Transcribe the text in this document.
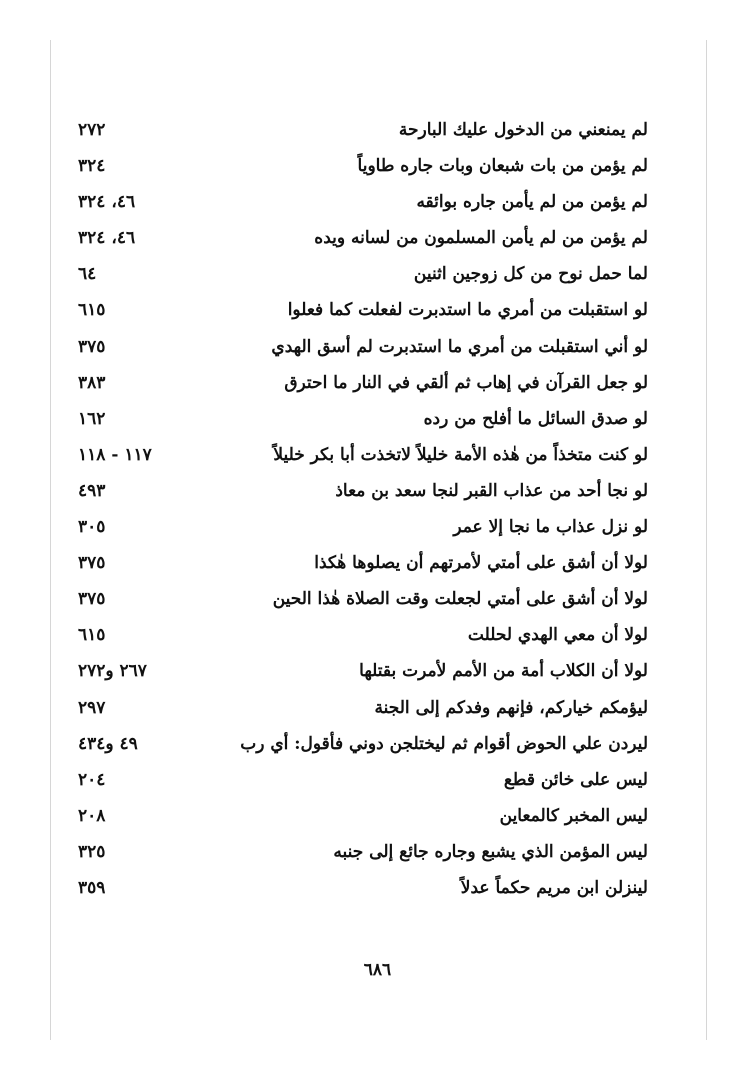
لم يمنعني من الدخول عليك البارحة
٢٧٢
لم يؤمن من بات شبعان وبات جاره طاوياً
٣٢٤
لم يؤمن من لم يأمن جاره بوائقه
٤٦، ٣٢٤
لم يؤمن من لم يأمن المسلمون من لسانه ويده
٤٦، ٣٢٤
لما حمل نوح من كل زوجين اثنين
٦٤
لو استقبلت من أمري ما استدبرت لفعلت كما فعلوا
٦١٥
لو أني استقبلت من أمري ما استدبرت لم أسق الهدي
٣٧٥
لو جعل القرآن في إهاب ثم ألقي في النار ما احترق
٣٨٣
لو صدق السائل ما أفلح من رده
١٦٢
لو كنت متخذاً من هٰذه الأمة خليلاً لاتخذت أبا بكر خليلاً
١١٧ - ١١٨
لو نجا أحد من عذاب القبر لنجا سعد بن معاذ
٤٩٣
لو نزل عذاب ما نجا إلا عمر
٣٠٥
لولا أن أشق على أمتي لأمرتهم أن يصلوها هٰكذا
٣٧٥
لولا أن أشق على أمتي لجعلت وقت الصلاة هٰذا الحين
٣٧٥
لولا أن معي الهدي لحللت
٦١٥
لولا أن الكلاب أمة من الأمم لأمرت بقتلها
٢٦٧ و٢٧٢
ليؤمكم خياركم، فإنهم وفدكم إلى الجنة
٢٩٧
ليردن علي الحوض أقوام ثم ليختلجن دوني فأقول: أي رب
٤٩ و٤٣٤
ليس على خائن قطع
٢٠٤
ليس المخبر كالمعاين
٢٠٨
ليس المؤمن الذي يشبع وجاره جائع إلى جنبه
٣٢٥
لينزلن ابن مريم حكماً عدلاً
٣٥٩
٦٨٦
